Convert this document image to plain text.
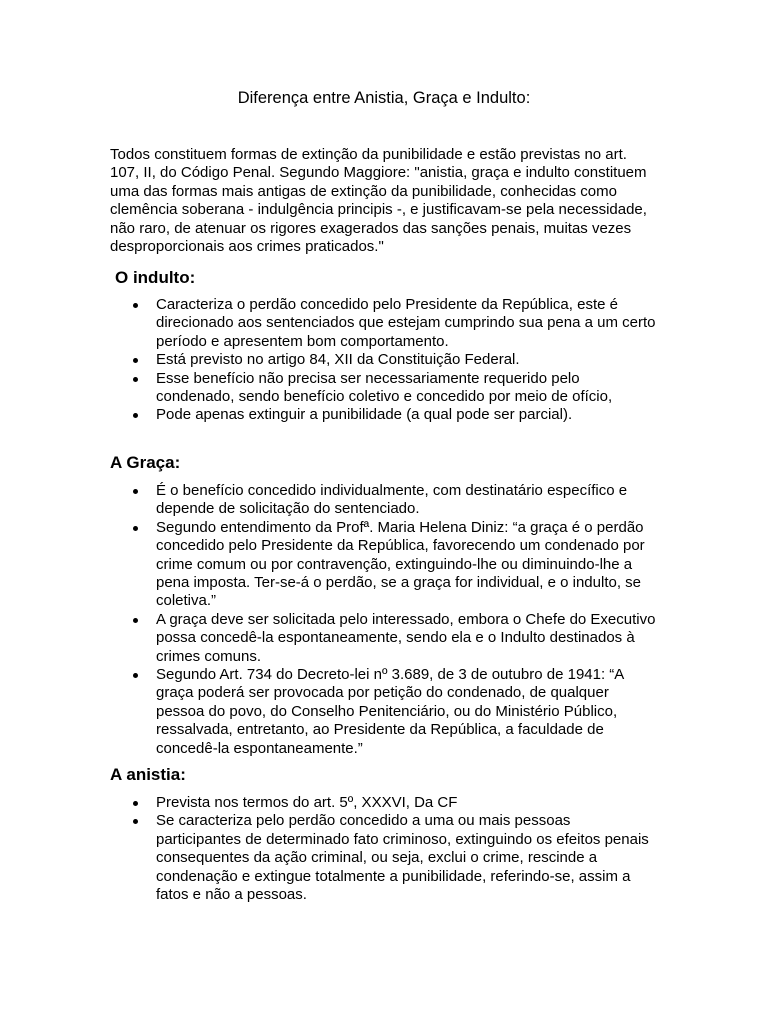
Diferença entre Anistia, Graça e Indulto:

Todos constituem formas de extinção da punibilidade e estão previstas no art. 107, II, do Código Penal. Segundo Maggiore: "anistia, graça e indulto constituem uma das formas mais antigas de extinção da punibilidade, conhecidas como clemência soberana - indulgência principis -, e justificavam-se pela necessidade, não raro, de atenuar os rigores exagerados das sanções penais, muitas vezes desproporcionais aos crimes praticados."

O indulto:
Caracteriza o perdão concedido pelo Presidente da República, este é direcionado aos sentenciados que estejam cumprindo sua pena a um certo período e apresentem bom comportamento.
Está previsto no artigo 84, XII da Constituição Federal.
Esse benefício não precisa ser necessariamente requerido pelo condenado, sendo benefício coletivo e concedido por meio de ofício,
Pode apenas extinguir a punibilidade (a qual pode ser parcial).
A Graça:
É o benefício concedido individualmente, com destinatário específico e depende de solicitação do sentenciado.
Segundo entendimento da Profª. Maria Helena Diniz: “a graça é o perdão concedido pelo Presidente da República, favorecendo um condenado por crime comum ou por contravenção, extinguindo-lhe ou diminuindo-lhe a pena imposta. Ter-se-á o perdão, se a graça for individual, e o indulto, se coletiva.”
A graça deve ser solicitada pelo interessado, embora o Chefe do Executivo possa concedê-la espontaneamente, sendo ela e o Indulto destinados à crimes comuns.
Segundo Art. 734 do Decreto-lei nº 3.689, de 3 de outubro de 1941: “A graça poderá ser provocada por petição do condenado, de qualquer pessoa do povo, do Conselho Penitenciário, ou do Ministério Público, ressalvada, entretanto, ao Presidente da República, a faculdade de concedê-la espontaneamente.”
A anistia:
Prevista nos termos do art. 5º, XXXVI, Da CF
Se caracteriza pelo perdão concedido a uma ou mais pessoas participantes de determinado fato criminoso, extinguindo os efeitos penais consequentes da ação criminal, ou seja, exclui o crime, rescinde a condenação e extingue totalmente a punibilidade, referindo-se, assim a fatos e não a pessoas.
